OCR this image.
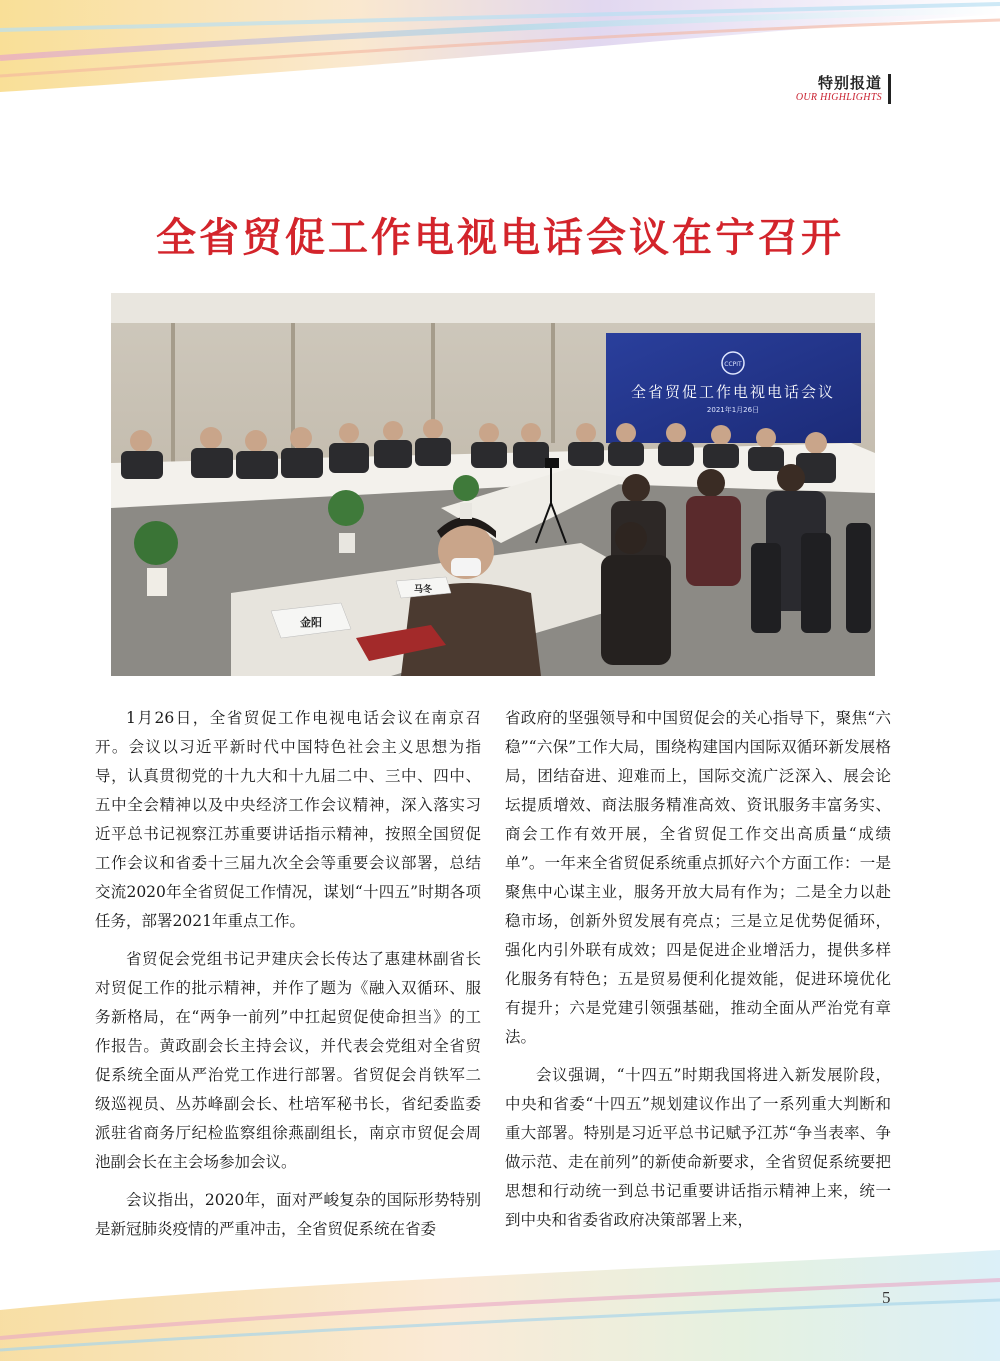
特别报道
OUR HIGHLIGHTS
全省贸促工作电视电话会议在宁召开
CCPIT
全省贸促工作电视电话会议
2021年1月26日
金阳
马冬

1月26日，全省贸促工作电视电话会议在南京召开。会议以习近平新时代中国特色社会主义思想为指导，认真贯彻党的十九大和十九届二中、三中、四中、五中全会精神以及中央经济工作会议精神，深入落实习近平总书记视察江苏重要讲话指示精神，按照全国贸促工作会议和省委十三届九次全会等重要会议部署，总结交流2020年全省贸促工作情况，谋划“十四五”时期各项任务，部署2021年重点工作。

省贸促会党组书记尹建庆会长传达了惠建林副省长对贸促工作的批示精神，并作了题为《融入双循环、服务新格局，在“两争一前列”中扛起贸促使命担当》的工作报告。黄政副会长主持会议，并代表会党组对全省贸促系统全面从严治党工作进行部署。省贸促会肖铁军二级巡视员、丛苏峰副会长、杜培军秘书长，省纪委监委派驻省商务厅纪检监察组徐燕副组长，南京市贸促会周池副会长在主会场参加会议。

会议指出，2020年，面对严峻复杂的国际形势特别是新冠肺炎疫情的严重冲击，全省贸促系统在省委

省政府的坚强领导和中国贸促会的关心指导下，聚焦“六稳”“六保”工作大局，围绕构建国内国际双循环新发展格局，团结奋进、迎难而上，国际交流广泛深入、展会论坛提质增效、商法服务精准高效、资讯服务丰富务实、商会工作有效开展，全省贸促工作交出高质量“成绩单”。一年来全省贸促系统重点抓好六个方面工作：一是聚焦中心谋主业，服务开放大局有作为；二是全力以赴稳市场，创新外贸发展有亮点；三是立足优势促循环，强化内引外联有成效；四是促进企业增活力，提供多样化服务有特色；五是贸易便利化提效能，促进环境优化有提升；六是党建引领强基础，推动全面从严治党有章法。

会议强调，“十四五”时期我国将进入新发展阶段，中央和省委“十四五”规划建议作出了一系列重大判断和重大部署。特别是习近平总书记赋予江苏“争当表率、争做示范、走在前列”的新使命新要求，全省贸促系统要把思想和行动统一到总书记重要讲话指示精神上来，统一到中央和省委省政府决策部署上来，

5
